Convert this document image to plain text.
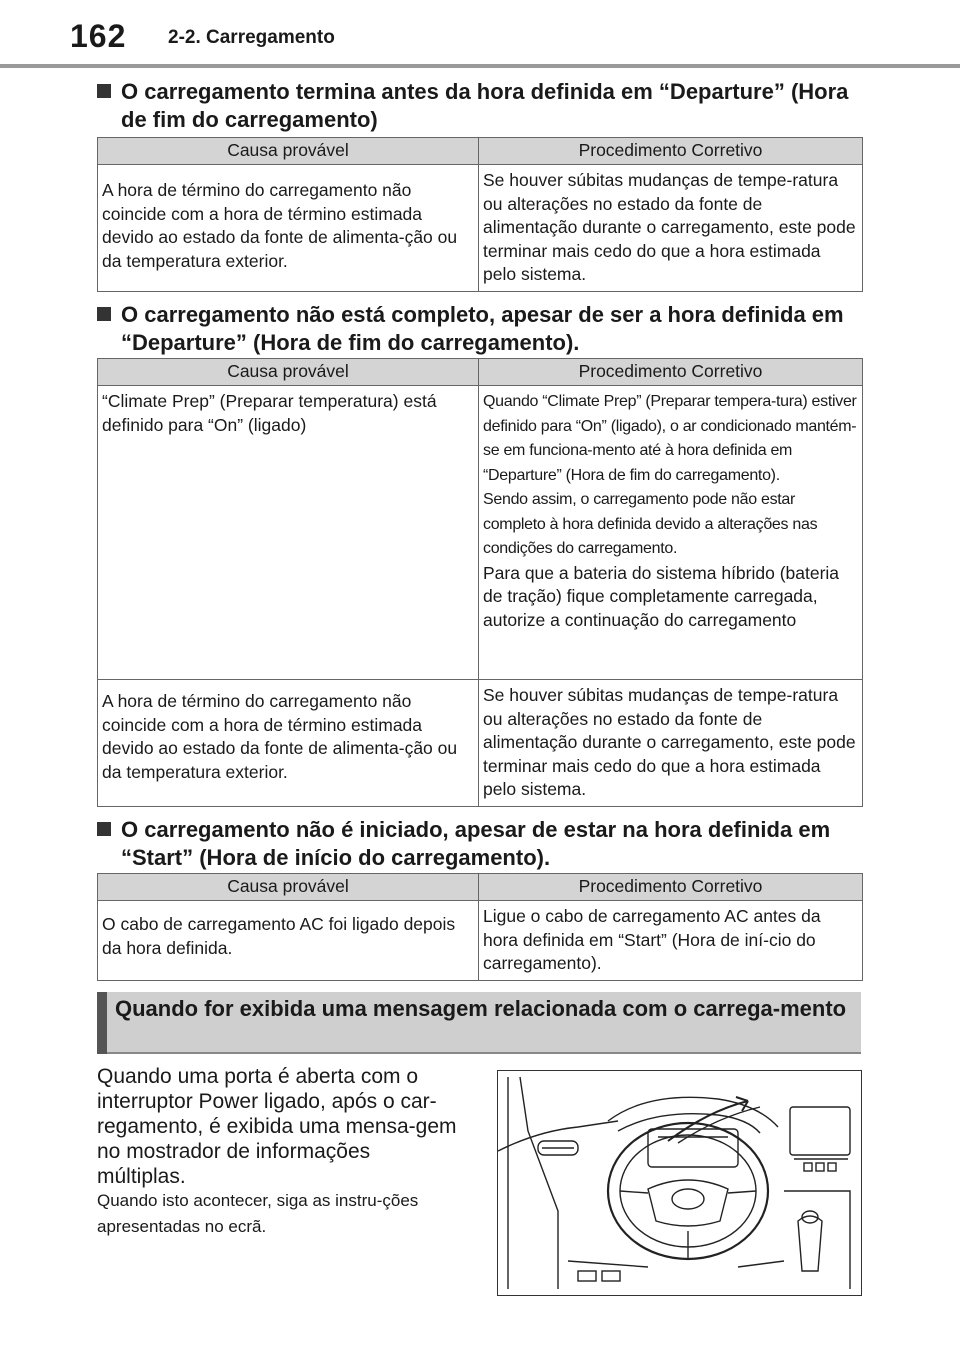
162 2-2. Carregamento
O carregamento termina antes da hora definida em “Departure” (Hora de fim do carregamento)
Causa provável	Procedimento Corretivo
A hora de término do carregamento não coincide com a hora de término estimada devido ao estado da fonte de alimenta-ção ou da temperatura exterior.	Se houver súbitas mudanças de tempe-ratura ou alterações no estado da fonte de alimentação durante o carregamento, este pode terminar mais cedo do que a hora estimada pelo sistema.
O carregamento não está completo, apesar de ser a hora definida em “Departure” (Hora de fim do carregamento).
Causa provável	Procedimento Corretivo
“Climate Prep” (Preparar temperatura) está definido para “On” (ligado)	Quando “Climate Prep” (Preparar tempera-tura) estiver definido para “On” (ligado), o ar condicionado mantém-se em funciona-mento até à hora definida em “Departure” (Hora de fim do carregamento).

Sendo assim, o carregamento pode não estar completo à hora definida devido a alterações nas condições do carregamento.

Para que a bateria do sistema híbrido (bateria de tração) fique completamente carregada, autorize a continuação do carregamento

A hora de término do carregamento não coincide com a hora de término estimada devido ao estado da fonte de alimenta-ção ou da temperatura exterior.	Se houver súbitas mudanças de tempe-ratura ou alterações no estado da fonte de alimentação durante o carregamento, este pode terminar mais cedo do que a hora estimada pelo sistema.
O carregamento não é iniciado, apesar de estar na hora definida em “Start” (Hora de início do carregamento).
Causa provável	Procedimento Corretivo
O cabo de carregamento AC foi ligado depois da hora definida.	Ligue o cabo de carregamento AC antes da hora definida em “Start” (Hora de iní-cio do carregamento).
Quando for exibida uma mensagem relacionada com o carrega-mento
Quando uma porta é aberta com o interruptor Power ligado, após o car-regamento, é exibida uma mensa-gem no mostrador de informações múltiplas.
Quando isto acontecer, siga as instru-ções apresentadas no ecrã.
